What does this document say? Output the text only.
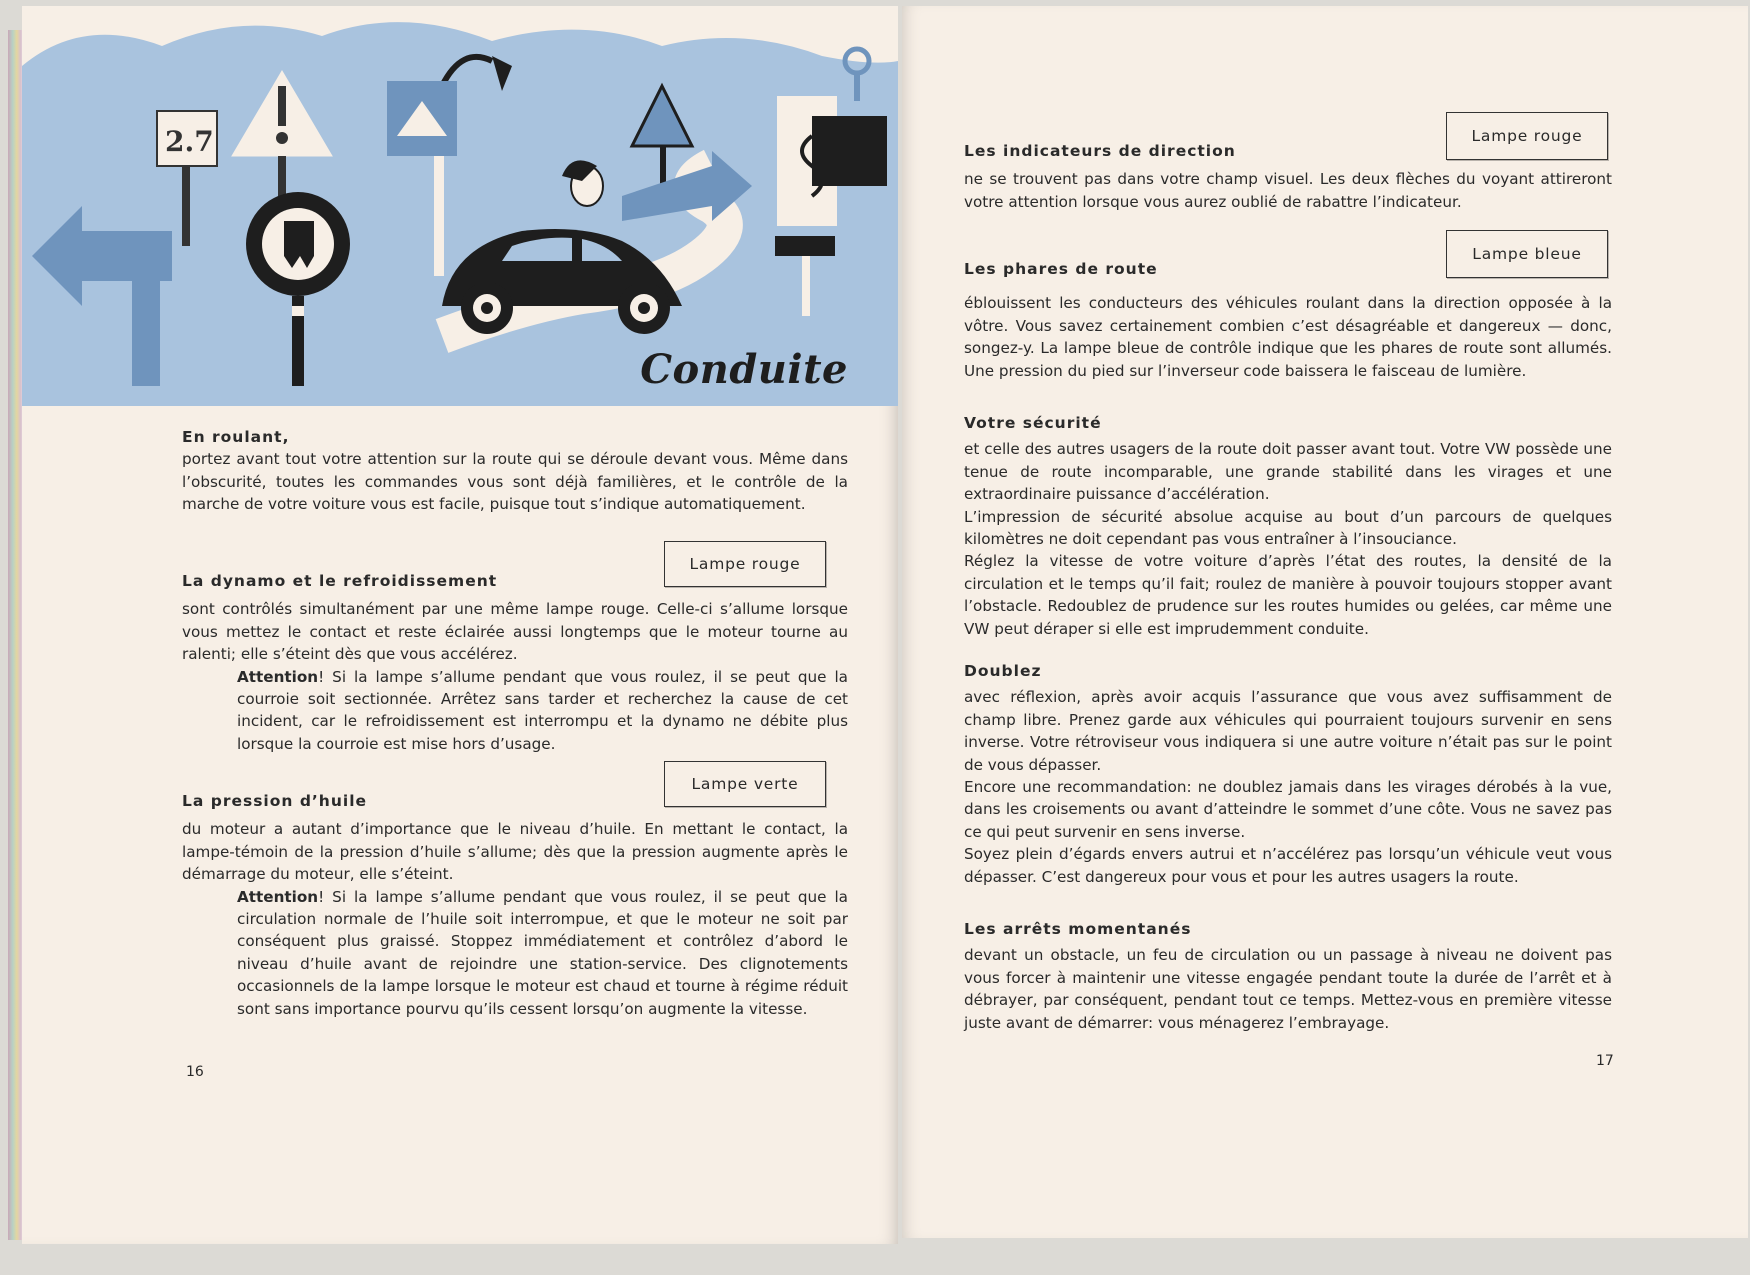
2.7
Conduite
En roulant,

portez avant tout votre attention sur la route qui se déroule devant vous. Même dans l’obscurité, toutes les commandes vous sont déjà familières, et le contrôle de la marche de votre voiture vous est facile, puisque tout s’indique automatiquement.

Lampe rouge
La dynamo et le refroidissement

sont contrôlés simultanément par une même lampe rouge. Celle-ci s’allume lorsque vous mettez le contact et reste éclairée aussi longtemps que le moteur tourne au ralenti; elle s’éteint dès que vous accélérez.

Attention! Si la lampe s’allume pendant que vous roulez, il se peut que la courroie soit sectionnée. Arrêtez sans tarder et recherchez la cause de cet incident, car le refroidissement est interrompu et la dynamo ne débite plus lorsque la courroie est mise hors d’usage.

Lampe verte
La pression d’huile

du moteur a autant d’importance que le niveau d’huile. En mettant le contact, la lampe-témoin de la pression d’huile s’allume; dès que la pression augmente après le démarrage du moteur, elle s’éteint.

Attention! Si la lampe s’allume pendant que vous roulez, il se peut que la circulation normale de l’huile soit interrompue, et que le moteur ne soit par conséquent plus graissé. Stoppez immédiatement et contrôlez d’abord le niveau d’huile avant de rejoindre une station-service. Des clignotements occasionnels de la lampe lorsque le moteur est chaud et tourne à régime réduit sont sans importance pourvu qu’ils cessent lorsqu’on augmente la vitesse.

16
Lampe rouge
Les indicateurs de direction

ne se trouvent pas dans votre champ visuel. Les deux flèches du voyant attireront votre attention lorsque vous aurez oublié de rabattre l’indicateur.

Lampe bleue
Les phares de route

éblouissent les conducteurs des véhicules roulant dans la direction opposée à la vôtre. Vous savez certainement combien c’est désagréable et dangereux — donc, songez-y. La lampe bleue de contrôle indique que les phares de route sont allumés. Une pression du pied sur l’inverseur code baissera le faisceau de lumière.

Votre sécurité

et celle des autres usagers de la route doit passer avant tout. Votre VW possède une tenue de route incomparable, une grande stabilité dans les virages et une extraordinaire puissance d’accélération.

L’impression de sécurité absolue acquise au bout d’un parcours de quelques kilomètres ne doit cependant pas vous entraîner à l’insouciance.

Réglez la vitesse de votre voiture d’après l’état des routes, la densité de la circulation et le temps qu’il fait; roulez de manière à pouvoir toujours stopper avant l’obstacle. Redoublez de prudence sur les routes humides ou gelées, car même une VW peut déraper si elle est imprudemment conduite.

Doublez

avec réflexion, après avoir acquis l’assurance que vous avez suffisamment de champ libre. Prenez garde aux véhicules qui pourraient toujours survenir en sens inverse. Votre rétroviseur vous indiquera si une autre voiture n’était pas sur le point de vous dépasser.

Encore une recommandation: ne doublez jamais dans les virages dérobés à la vue, dans les croisements ou avant d’atteindre le sommet d’une côte. Vous ne savez pas ce qui peut survenir en sens inverse.

Soyez plein d’égards envers autrui et n’accélérez pas lorsqu’un véhicule veut vous dépasser. C’est dangereux pour vous et pour les autres usagers la route.

Les arrêts momentanés

devant un obstacle, un feu de circulation ou un passage à niveau ne doivent pas vous forcer à maintenir une vitesse engagée pendant toute la durée de l’arrêt et à débrayer, par conséquent, pendant tout ce temps. Mettez-vous en première vitesse juste avant de démarrer: vous ménagerez l’embrayage.

17
